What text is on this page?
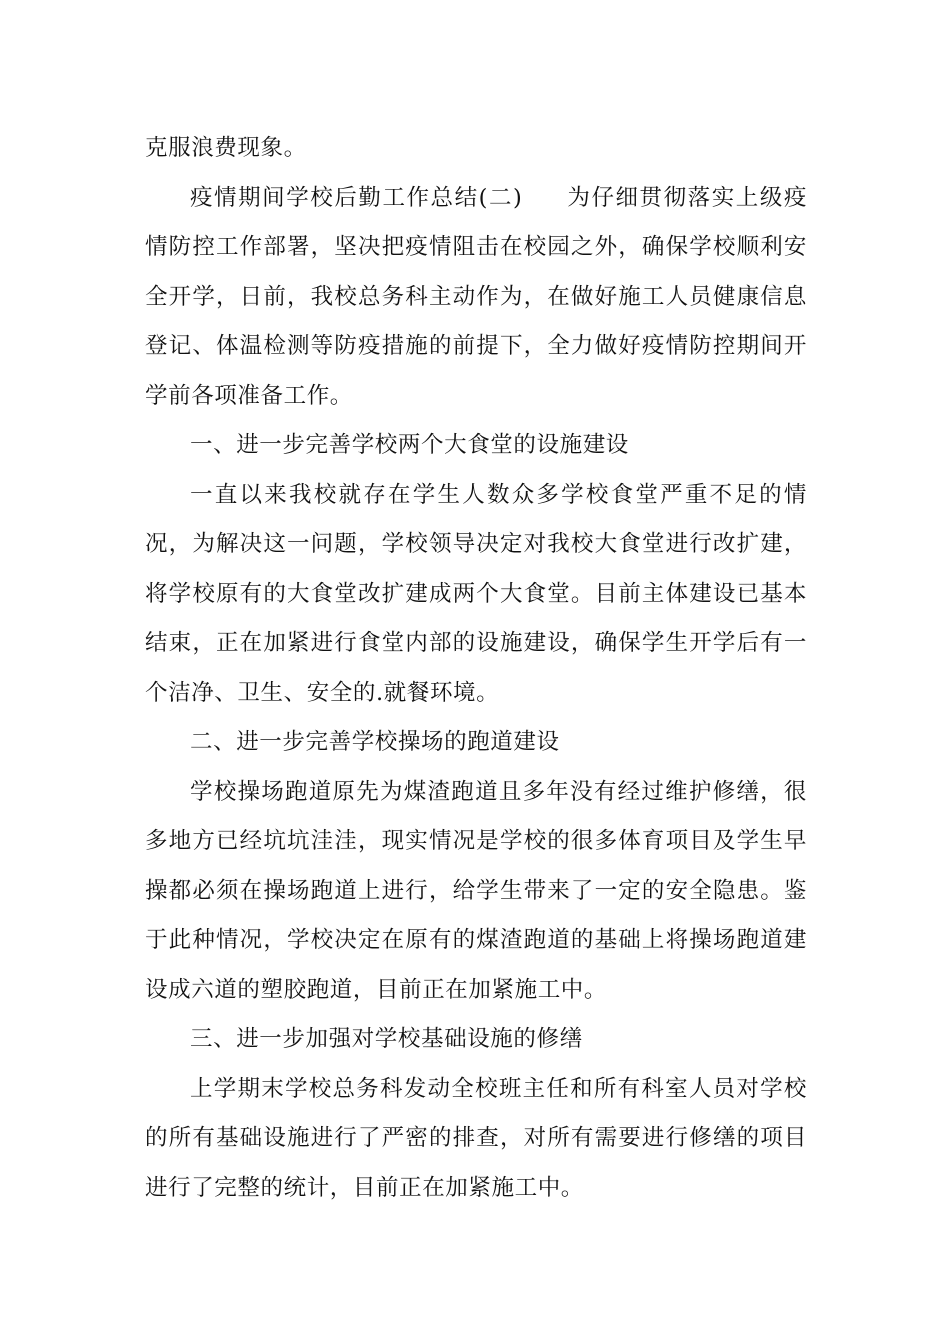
克服浪费现象。

疫情期间学校后勤工作总结(二) 为仔细贯彻落实上级疫情防控工作部署，坚决把疫情阻击在校园之外，确保学校顺利安全开学，日前，我校总务科主动作为，在做好施工人员健康信息登记、体温检测等防疫措施的前提下，全力做好疫情防控期间开学前各项准备工作。

一、进一步完善学校两个大食堂的设施建设

一直以来我校就存在学生人数众多学校食堂严重不足的情况，为解决这一问题，学校领导决定对我校大食堂进行改扩建，将学校原有的大食堂改扩建成两个大食堂。目前主体建设已基本结束，正在加紧进行食堂内部的设施建设，确保学生开学后有一个洁净、卫生、安全的.就餐环境。

二、进一步完善学校操场的跑道建设

学校操场跑道原先为煤渣跑道且多年没有经过维护修缮，很多地方已经坑坑洼洼，现实情况是学校的很多体育项目及学生早操都必须在操场跑道上进行，给学生带来了一定的安全隐患。鉴于此种情况，学校决定在原有的煤渣跑道的基础上将操场跑道建设成六道的塑胶跑道，目前正在加紧施工中。

三、进一步加强对学校基础设施的修缮

上学期末学校总务科发动全校班主任和所有科室人员对学校的所有基础设施进行了严密的排查，对所有需要进行修缮的项目进行了完整的统计，目前正在加紧施工中。
